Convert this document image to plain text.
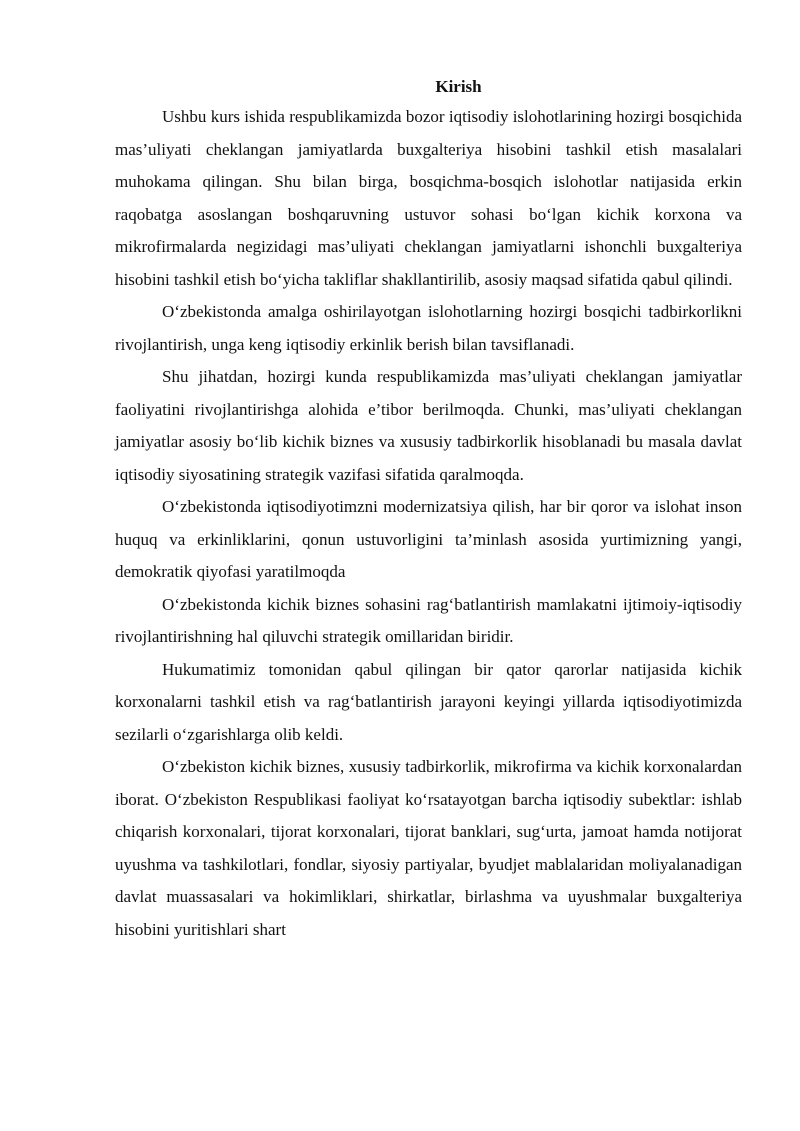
Kirish

Ushbu kurs ishida respublikamizda bozor iqtisodiy islohotlarining hozirgi bosqichida mas’uliyati cheklangan jamiyatlarda buxgalteriya hisobini tashkil etish masalalari muhokama qilingan. Shu bilan birga, bosqichma-bosqich islohotlar natijasida erkin raqobatga asoslangan boshqaruvning ustuvor sohasi bo‘lgan kichik korxona va mikrofirmalarda negizidagi mas’uliyati cheklangan jamiyatlarni ishonchli buxgalteriya hisobini tashkil etish bo‘yicha takliflar shakllantirilib, asosiy maqsad sifatida qabul qilindi.

O‘zbekistonda amalga oshirilayotgan islohotlarning hozirgi bosqichi tadbirkorlikni rivojlantirish, unga keng iqtisodiy erkinlik berish bilan tavsiflanadi.

Shu jihatdan, hozirgi kunda respublikamizda mas’uliyati cheklangan jamiyatlar faoliyatini rivojlantirishga alohida e’tibor berilmoqda. Chunki, mas’uliyati cheklangan jamiyatlar asosiy bo‘lib kichik biznes va xususiy tadbirkorlik hisoblanadi bu masala davlat iqtisodiy siyosatining strategik vazifasi sifatida qaralmoqda.

O‘zbekistonda iqtisodiyotimzni modernizatsiya qilish, har bir qoror va islohat inson huquq va erkinliklarini, qonun ustuvorligini ta’minlash asosida yurtimizning yangi, demokratik qiyofasi yaratilmoqda

O‘zbekistonda kichik biznes sohasini rag‘batlantirish mamlakatni ijtimoiy-iqtisodiy rivojlantirishning hal qiluvchi strategik omillaridan biridir.

Hukumatimiz tomonidan qabul qilingan bir qator qarorlar natijasida kichik korxonalarni tashkil etish va rag‘batlantirish jarayoni keyingi yillarda iqtisodiyotimizda sezilarli o‘zgarishlarga olib keldi.

O‘zbekiston kichik biznes, xususiy tadbirkorlik, mikrofirma va kichik korxonalardan iborat. O‘zbekiston Respublikasi faoliyat ko‘rsatayotgan barcha iqtisodiy subektlar: ishlab chiqarish korxonalari, tijorat korxonalari, tijorat banklari, sug‘urta, jamoat hamda notijorat uyushma va tashkilotlari, fondlar, siyosiy partiyalar, byudjet mablalaridan moliyalanadigan davlat muassasalari va hokimliklari, shirkatlar, birlashma va uyushmalar buxgalteriya hisobini yuritishlari shart
